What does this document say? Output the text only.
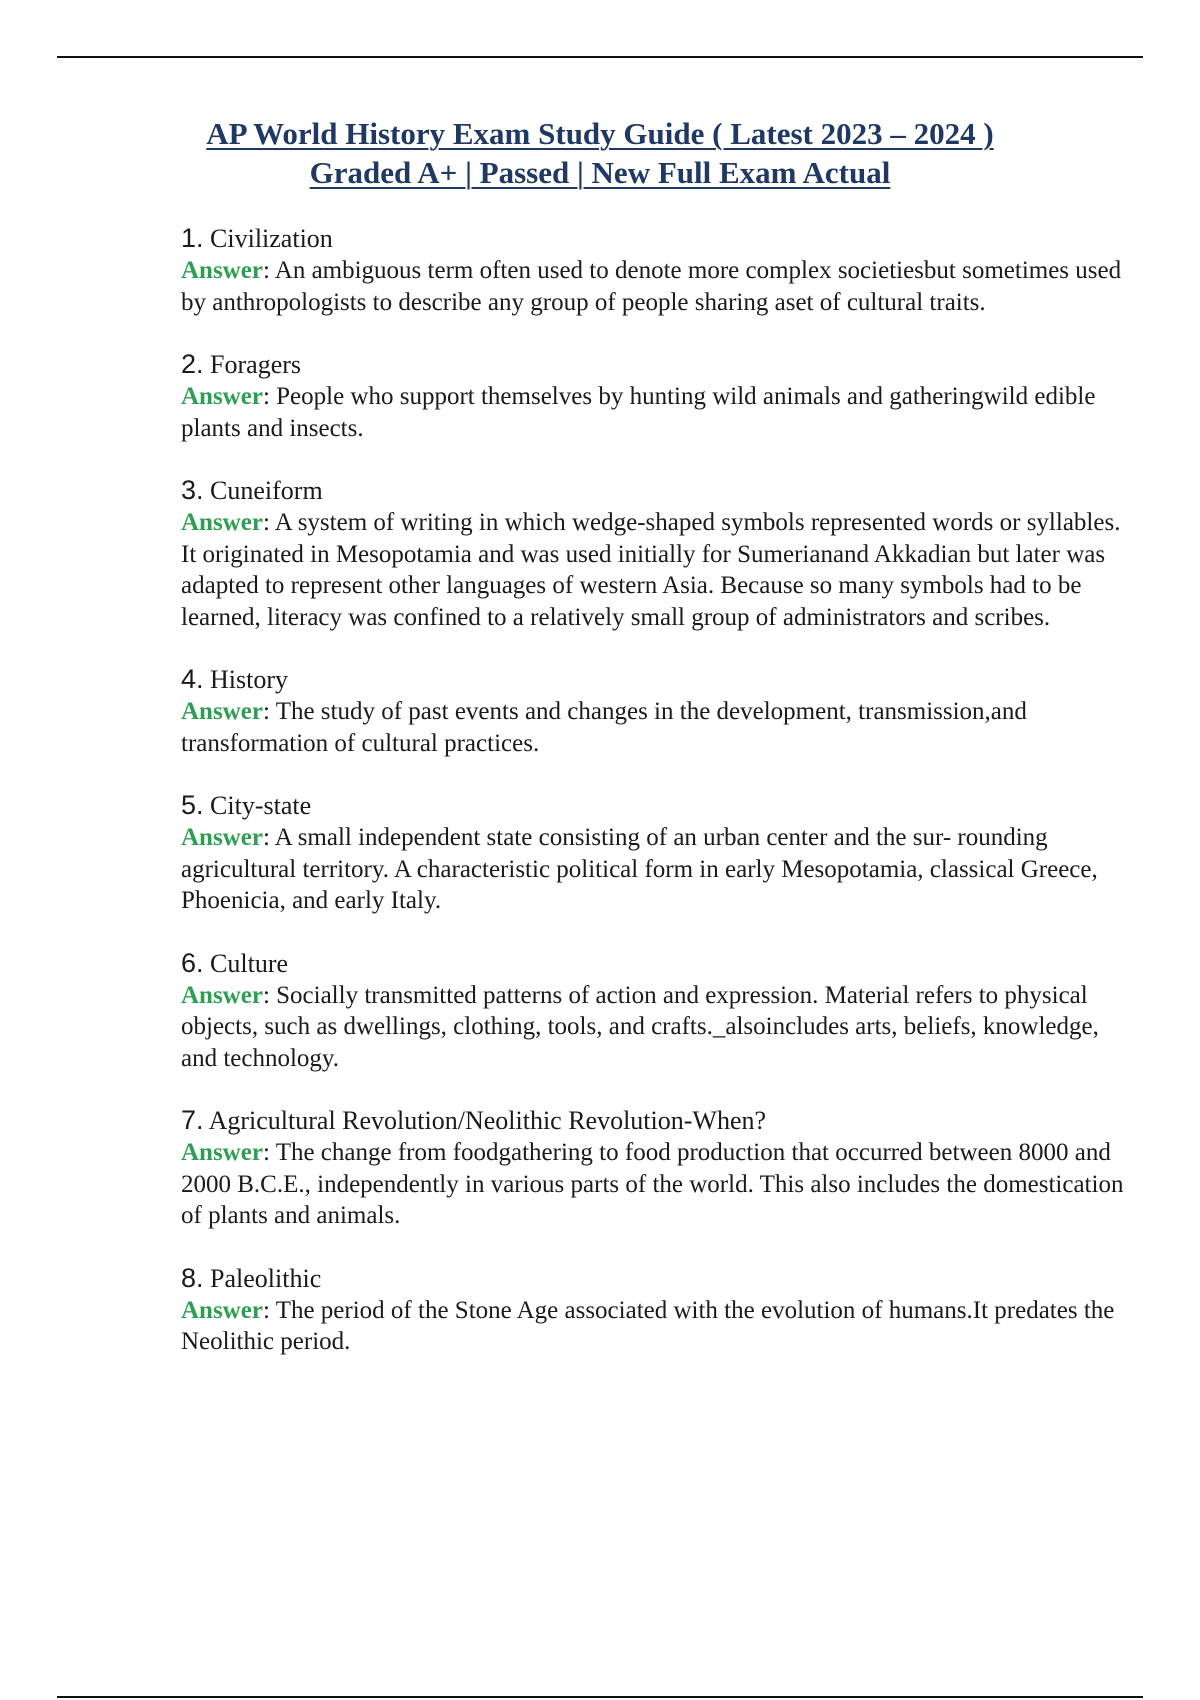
AP World History Exam Study Guide ( Latest 2023 – 2024 )
Graded A+ | Passed | New Full Exam Actual
1. Civilization
Answer: An ambiguous term often used to denote more complex societiesbut sometimes used by anthropologists to describe any group of people sharing aset of cultural traits.
2. Foragers
Answer: People who support themselves by hunting wild animals and gatheringwild edible plants and insects.
3. Cuneiform
Answer: A system of writing in which wedge-shaped symbols represented words or syllables. It originated in Mesopotamia and was used initially for Sumerianand Akkadian but later was adapted to represent other languages of western Asia. Because so many symbols had to be learned, literacy was confined to a relatively small group of administrators and scribes.
4. History
Answer: The study of past events and changes in the development, transmission,and transformation of cultural practices.
5. City-state
Answer: A small independent state consisting of an urban center and the sur- rounding agricultural territory. A characteristic political form in early Mesopotamia, classical Greece, Phoenicia, and early Italy.
6. Culture
Answer: Socially transmitted patterns of action and expression. Material refers to physical objects, such as dwellings, clothing, tools, and crafts._alsoincludes arts, beliefs, knowledge, and technology.
7. Agricultural Revolution/Neolithic Revolution-When?
Answer: The change from foodgathering to food production that occurred between 8000 and 2000 B.C.E., independently in various parts of the world. This also includes the domestication of plants and animals.
8. Paleolithic
Answer: The period of the Stone Age associated with the evolution of humans.It predates the Neolithic period.
